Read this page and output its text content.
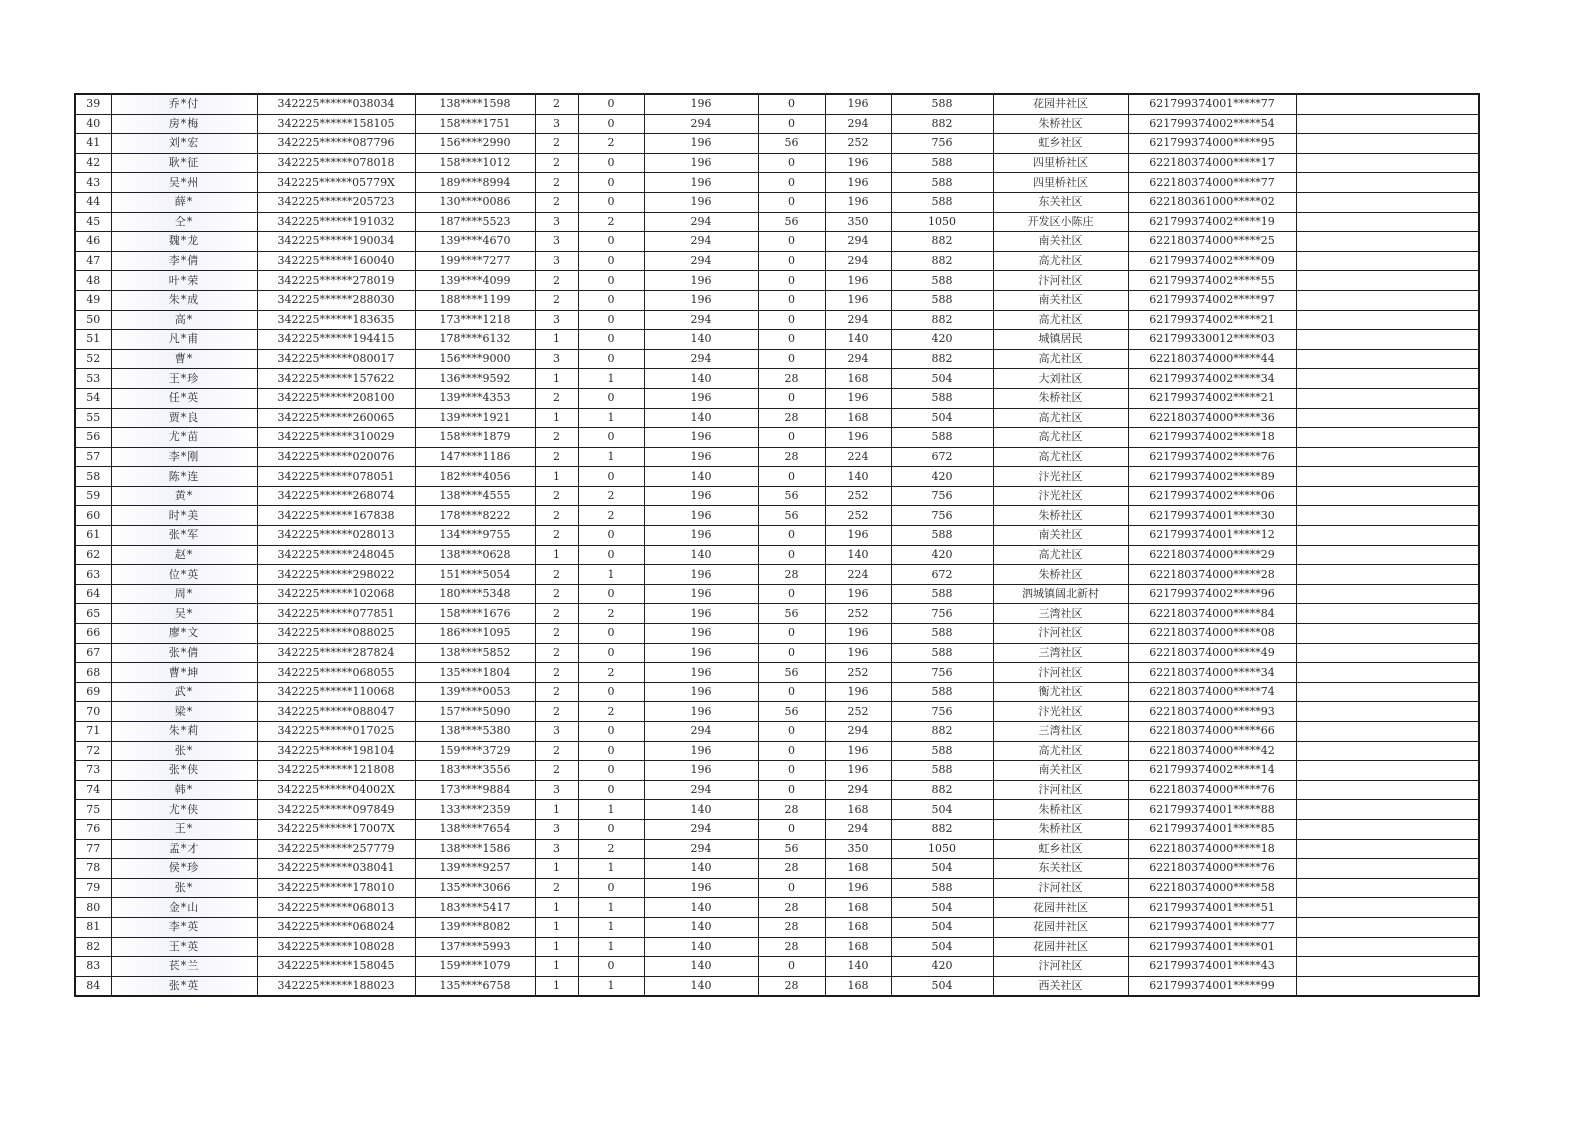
39	乔*付	342225******038034	138****1598	2	0	196	0	196	588	花园井社区	621799374001*****77	
40	房*梅	342225******158105	158****1751	3	0	294	0	294	882	朱桥社区	621799374002*****54	
41	刘*宏	342225******087796	156****2990	2	2	196	56	252	756	虹乡社区	621799374000*****95	
42	耿*征	342225******078018	158****1012	2	0	196	0	196	588	四里桥社区	622180374000*****17	
43	吴*州	342225******05779X	189****8994	2	0	196	0	196	588	四里桥社区	622180374000*****77	
44	薛*	342225******205723	130****0086	2	0	196	0	196	588	东关社区	622180361000*****02	
45	仝*	342225******191032	187****5523	3	2	294	56	350	1050	开发区小陈庄	621799374002*****19	
46	魏*龙	342225******190034	139****4670	3	0	294	0	294	882	南关社区	622180374000*****25	
47	李*倩	342225******160040	199****7277	3	0	294	0	294	882	高尤社区	621799374002*****09	
48	叶*荣	342225******278019	139****4099	2	0	196	0	196	588	汴河社区	621799374002*****55	
49	朱*成	342225******288030	188****1199	2	0	196	0	196	588	南关社区	621799374002*****97	
50	高*	342225******183635	173****1218	3	0	294	0	294	882	高尤社区	621799374002*****21	
51	凡*甫	342225******194415	178****6132	1	0	140	0	140	420	城镇居民	621799330012*****03	
52	曹*	342225******080017	156****9000	3	0	294	0	294	882	高尤社区	622180374000*****44	
53	王*珍	342225******157622	136****9592	1	1	140	28	168	504	大刘社区	621799374002*****34	
54	任*英	342225******208100	139****4353	2	0	196	0	196	588	朱桥社区	621799374002*****21	
55	贾*良	342225******260065	139****1921	1	1	140	28	168	504	高尤社区	622180374000*****36	
56	尤*苗	342225******310029	158****1879	2	0	196	0	196	588	高尤社区	621799374002*****18	
57	李*刚	342225******020076	147****1186	2	1	196	28	224	672	高尤社区	621799374002*****76	
58	陈*连	342225******078051	182****4056	1	0	140	0	140	420	汴光社区	621799374002*****89	
59	黄*	342225******268074	138****4555	2	2	196	56	252	756	汴光社区	621799374002*****06	
60	时*美	342225******167838	178****8222	2	2	196	56	252	756	朱桥社区	621799374001*****30	
61	张*军	342225******028013	134****9755	2	0	196	0	196	588	南关社区	621799374001*****12	
62	赵*	342225******248045	138****0628	1	0	140	0	140	420	高尤社区	622180374000*****29	
63	位*英	342225******298022	151****5054	2	1	196	28	224	672	朱桥社区	622180374000*****28	
64	周*	342225******102068	180****5348	2	0	196	0	196	588	泗城镇阔北新村	621799374002*****96	
65	吴*	342225******077851	158****1676	2	2	196	56	252	756	三湾社区	622180374000*****84	
66	廖*文	342225******088025	186****1095	2	0	196	0	196	588	汴河社区	622180374000*****08	
67	张*倩	342225******287824	138****5852	2	0	196	0	196	588	三湾社区	622180374000*****49	
68	曹*坤	342225******068055	135****1804	2	2	196	56	252	756	汴河社区	622180374000*****34	
69	武*	342225******110068	139****0053	2	0	196	0	196	588	衡尤社区	622180374000*****74	
70	梁*	342225******088047	157****5090	2	2	196	56	252	756	汴光社区	622180374000*****93	
71	朱*莉	342225******017025	138****5380	3	0	294	0	294	882	三湾社区	622180374000*****66	
72	张*	342225******198104	159****3729	2	0	196	0	196	588	高尤社区	622180374000*****42	
73	张*侠	342225******121808	183****3556	2	0	196	0	196	588	南关社区	621799374002*****14	
74	韩*	342225******04002X	173****9884	3	0	294	0	294	882	汴河社区	622180374000*****76	
75	尤*侠	342225******097849	133****2359	1	1	140	28	168	504	朱桥社区	621799374001*****88	
76	王*	342225******17007X	138****7654	3	0	294	0	294	882	朱桥社区	621799374001*****85	
77	孟*才	342225******257779	138****1586	3	2	294	56	350	1050	虹乡社区	622180374000*****18	
78	侯*珍	342225******038041	139****9257	1	1	140	28	168	504	东关社区	622180374000*****76	
79	张*	342225******178010	135****3066	2	0	196	0	196	588	汴河社区	622180374000*****58	
80	金*山	342225******068013	183****5417	1	1	140	28	168	504	花园井社区	621799374001*****51	
81	李*英	342225******068024	139****8082	1	1	140	28	168	504	花园井社区	621799374001*****77	
82	王*英	342225******108028	137****5993	1	1	140	28	168	504	花园井社区	621799374001*****01	
83	苌*兰	342225******158045	159****1079	1	0	140	0	140	420	汴河社区	621799374001*****43	
84	张*英	342225******188023	135****6758	1	1	140	28	168	504	西关社区	621799374001*****99	
